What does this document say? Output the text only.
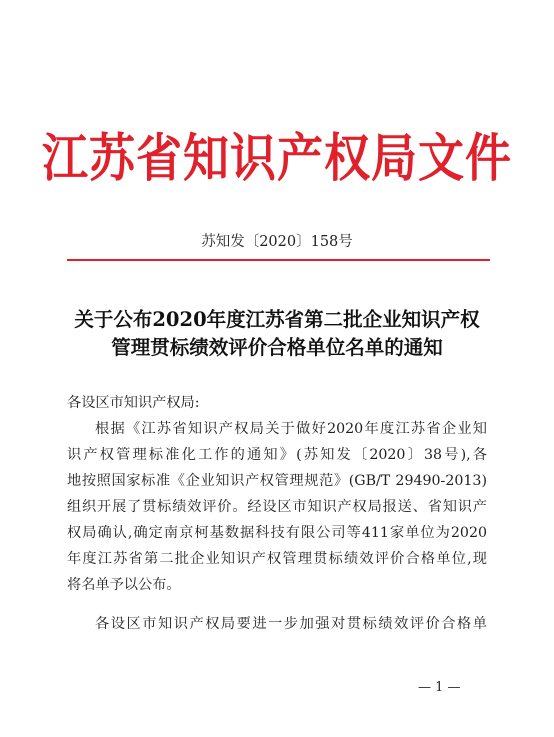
江苏省知识产权局文件
苏知发〔2020〕158号
关于公布2020年度江苏省第二批企业知识产权
管理贯标绩效评价合格单位名单的通知

各设区市知识产权局:

根据《江苏省知识产权局关于做好2020年度江苏省企业知
识产权管理标准化工作的通知》(苏知发〔2020〕38号),各
地按照国家标准《企业知识产权管理规范》(GB/T 29490-2013)
组织开展了贯标绩效评价。经设区市知识产权局报送、省知识产
权局确认,确定南京柯基数据科技有限公司等411家单位为2020
年度江苏省第二批企业知识产权管理贯标绩效评价合格单位,现
将名单予以公布。

各设区市知识产权局要进一步加强对贯标绩效评价合格单

— 1 —
